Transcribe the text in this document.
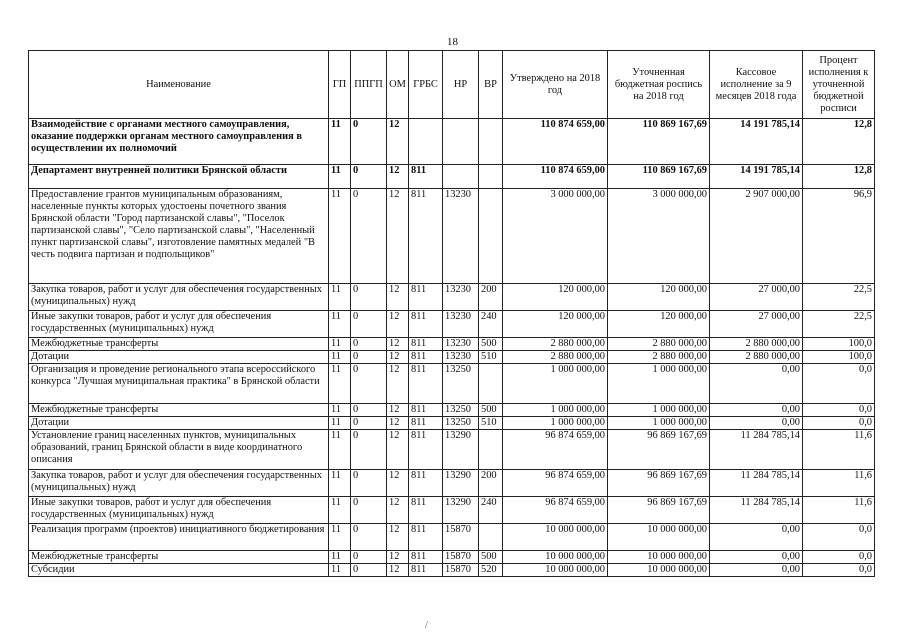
18
Наименование	ГП	ППГП	ОМ	ГРБС	НР	ВР	Утверждено на 2018 год	Уточненная бюджетная роспись на 2018 год	Кассовое исполнение за 9 месяцев 2018 года	Процент исполнения к уточненной бюджетной росписи
Взаимодействие с органами местного самоуправления, оказание поддержки органам местного самоуправления в осуществлении их полномочий	11	0	12				110 874 659,00	110 869 167,69	14 191 785,14	12,8
Департамент внутренней политики Брянской области	11	0	12	811			110 874 659,00	110 869 167,69	14 191 785,14	12,8
Предоставление грантов муниципальным образованиям, населенные пункты которых удостоены почетного звания Брянской области "Город партизанской славы", "Поселок партизанской славы", "Село партизанской славы", "Населенный пункт партизанской славы", изготовление памятных медалей "В честь подвига партизан и подпольщиков"	11	0	12	811	13230		3 000 000,00	3 000 000,00	2 907 000,00	96,9
Закупка товаров, работ и услуг для обеспечения государственных (муниципальных) нужд	11	0	12	811	13230	200	120 000,00	120 000,00	27 000,00	22,5
Иные закупки товаров, работ и услуг для обеспечения государственных (муниципальных) нужд	11	0	12	811	13230	240	120 000,00	120 000,00	27 000,00	22,5
Межбюджетные трансферты	11	0	12	811	13230	500	2 880 000,00	2 880 000,00	2 880 000,00	100,0
Дотации	11	0	12	811	13230	510	2 880 000,00	2 880 000,00	2 880 000,00	100,0
Организация и проведение регионального этапа всероссийского конкурса "Лучшая муниципальная практика" в Брянской области	11	0	12	811	13250		1 000 000,00	1 000 000,00	0,00	0,0
Межбюджетные трансферты	11	0	12	811	13250	500	1 000 000,00	1 000 000,00	0,00	0,0
Дотации	11	0	12	811	13250	510	1 000 000,00	1 000 000,00	0,00	0,0
Установление границ населенных пунктов, муниципальных образований, границ Брянской области в виде координатного описания	11	0	12	811	13290		96 874 659,00	96 869 167,69	11 284 785,14	11,6
Закупка товаров, работ и услуг для обеспечения государственных (муниципальных) нужд	11	0	12	811	13290	200	96 874 659,00	96 869 167,69	11 284 785,14	11,6
Иные закупки товаров, работ и услуг для обеспечения государственных (муниципальных) нужд	11	0	12	811	13290	240	96 874 659,00	96 869 167,69	11 284 785,14	11,6
Реализация программ (проектов) инициативного бюджетирования	11	0	12	811	15870		10 000 000,00	10 000 000,00	0,00	0,0
Межбюджетные трансферты	11	0	12	811	15870	500	10 000 000,00	10 000 000,00	0,00	0,0
Субсидии	11	0	12	811	15870	520	10 000 000,00	10 000 000,00	0,00	0,0
/
